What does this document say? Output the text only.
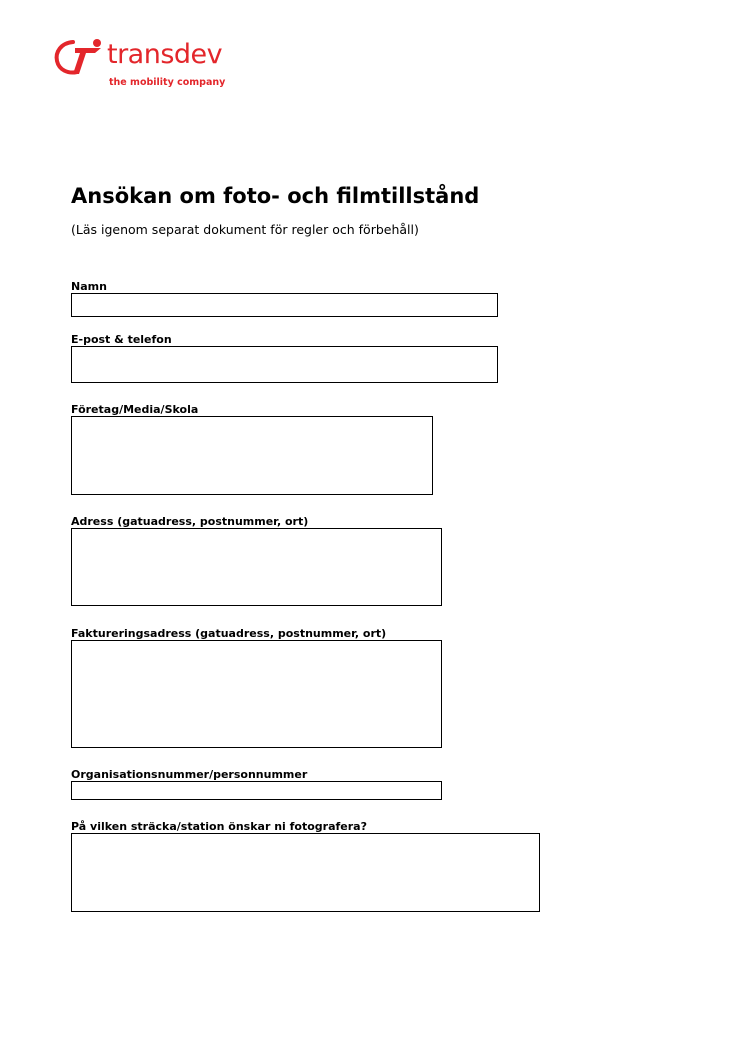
transdev
the mobility company
Ansökan om foto- och filmtillstånd
(Läs igenom separat dokument för regler och förbehåll)
Namn
E-post & telefon
Företag/Media/Skola
Adress (gatuadress, postnummer, ort)
Faktureringsadress (gatuadress, postnummer, ort)
Organisationsnummer/personnummer
På vilken sträcka/station önskar ni fotografera?
